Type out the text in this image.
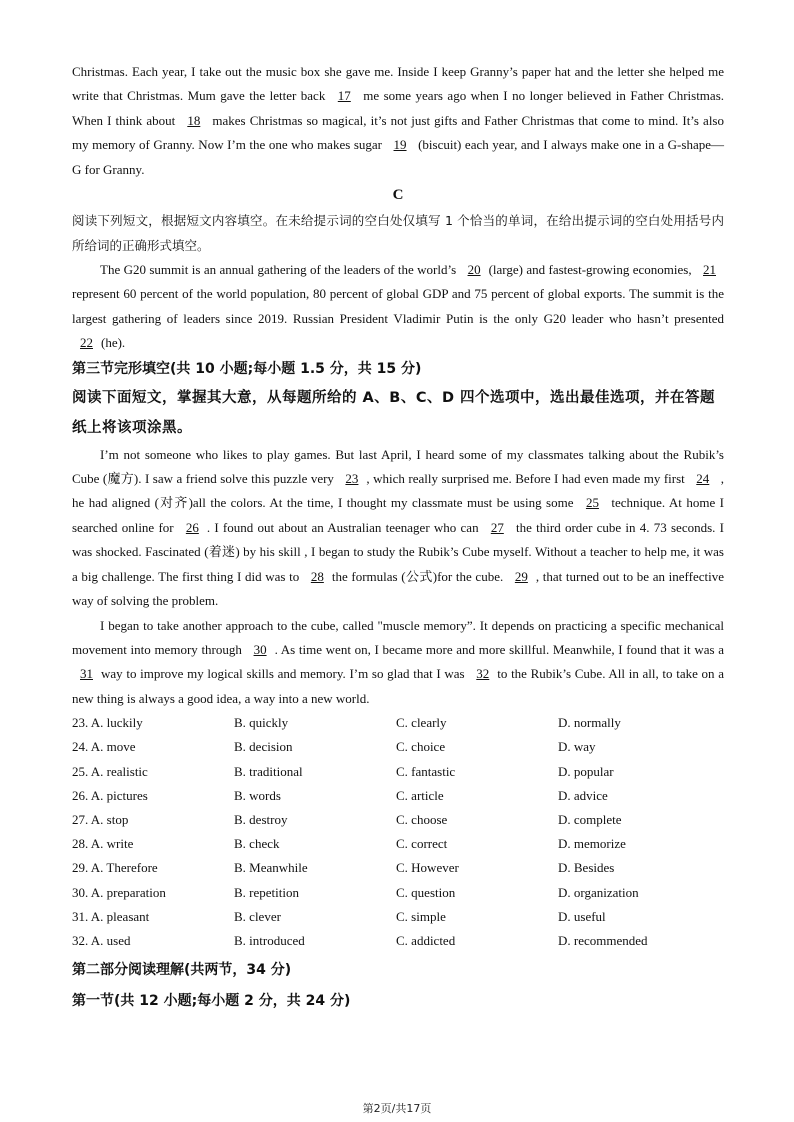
Christmas. Each year, I take out the music box she gave me. Inside I keep Granny’s paper hat and the letter she helped me write that Christmas. Mum gave the letter back 17 me some years ago when I no longer believed in Father Christmas. When I think about 18 makes Christmas so magical, it’s not just gifts and Father Christmas that come to mind. It’s also my memory of Granny. Now I’m the one who makes sugar 19 (biscuit) each year, and I always make one in a G-shape—G for Granny.

C

阅读下列短文，根据短文内容填空。在未给提示词的空白处仅填写 1 个恰当的单词，在给出提示词的空白处用括号内所给词的正确形式填空。

The G20 summit is an annual gathering of the leaders of the world’s 20 (large) and fastest-growing economies, 21 represent 60 percent of the world population, 80 percent of global GDP and 75 percent of global exports. The summit is the largest gathering of leaders since 2019. Russian President Vladimir Putin is the only G20 leader who hasn’t presented 22 (he).

第三节完形填空(共 10 小题;每小题 1.5 分，共 15 分)
阅读下面短文，掌握其大意，从每题所给的 A、B、C、D 四个选项中，选出最佳选项，并在答题纸上将该项涂黑。

I’m not someone who likes to play games. But last April, I heard some of my classmates talking about the Rubik’s Cube (魔方). I saw a friend solve this puzzle very 23 , which really surprised me. Before I had even made my first 24 , he had aligned (对齐)all the colors. At the time, I thought my classmate must be using some 25 technique. At home I searched online for 26 . I found out about an Australian teenager who can 27 the third order cube in 4. 73 seconds. I was shocked. Fascinated (着迷) by his skill , I began to study the Rubik’s Cube myself. Without a teacher to help me, it was a big challenge. The first thing I did was to 28 the formulas (公式)for the cube. 29 , that turned out to be an ineffective way of solving the problem.

I began to take another approach to the cube, called "muscle memory”. It depends on practicing a specific mechanical movement into memory through 30 . As time went on, I became more and more skillful. Meanwhile, I found that it was a 31 way to improve my logical skills and memory. I’m so glad that I was 32 to the Rubik’s Cube. All in all, to take on a new thing is always a good idea, a way into a new world.

23. A. luckily	B. quickly	C. clearly	D. normally
24. A. move	B. decision	C. choice	D. way
25. A. realistic	B. traditional	C. fantastic	D. popular
26. A. pictures	B. words	C. article	D. advice
27. A. stop	B. destroy	C. choose	D. complete
28. A. write	B. check	C. correct	D. memorize
29. A. Therefore	B. Meanwhile	C. However	D. Besides
30. A. preparation	B. repetition	C. question	D. organization
31. A. pleasant	B. clever	C. simple	D. useful
32. A. used	B. introduced	C. addicted	D. recommended
第二部分阅读理解(共两节，34 分)
第一节(共 12 小题;每小题 2 分，共 24 分)
第2页/共17页
